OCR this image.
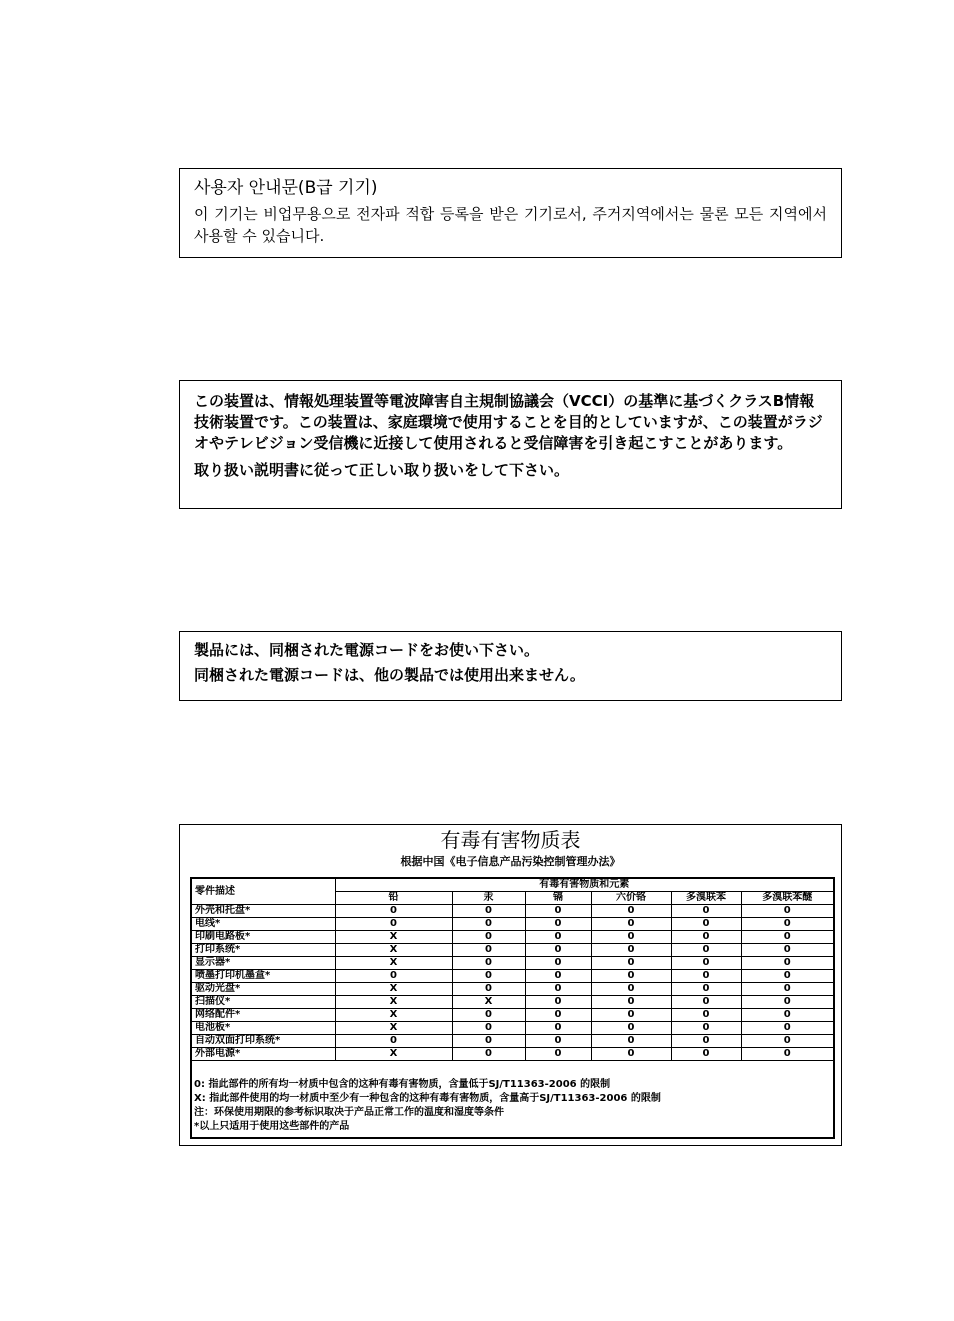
사용자 안내문(B급 기기)
이 기기는 비업무용으로 전자파 적합 등록을 받은 기기로서, 주거지역에서는 물론 모든 지역에서 사용할 수 있습니다.
この装置は、情報処理装置等電波障害自主規制協議会（VCCI）の基準に基づくクラスB情報技術装置です。この装置は、家庭環境で使用することを目的としていますが、この装置がラジオやテレビジョン受信機に近接して使用されると受信障害を引き起こすことがあります。
取り扱い説明書に従って正しい取り扱いをして下さい。
製品には、同梱された電源コードをお使い下さい。
同梱された電源コードは、他の製品では使用出来ません。
有毒有害物质表
根据中国《电子信息产品污染控制管理办法》
零件描述	有毒有害物质和元素					
	铅	汞	镉	六价铬	多溴联苯	多溴联苯醚
外壳和托盘*	0	0	0	0	0	0
电线*	0	0	0	0	0	0
印刷电路板*	X	0	0	0	0	0
打印系统*	X	0	0	0	0	0
显示器*	X	0	0	0	0	0
喷墨打印机墨盒*	0	0	0	0	0	0
驱动光盘*	X	0	0	0	0	0
扫描仪*	X	X	0	0	0	0
网络配件*	X	0	0	0	0	0
电池板*	X	0	0	0	0	0
自动双面打印系统*	0	0	0	0	0	0
外部电源*	X	0	0	0	0	0
0: 指此部件的所有均一材质中包含的这种有毒有害物质，含量低于SJ/T11363-2006 的限制
X: 指此部件使用的均一材质中至少有一种包含的这种有毒有害物质，含量高于SJ/T11363-2006 的限制
注：环保使用期限的参考标识取决于产品正常工作的温度和湿度等条件
*以上只适用于使用这些部件的产品
